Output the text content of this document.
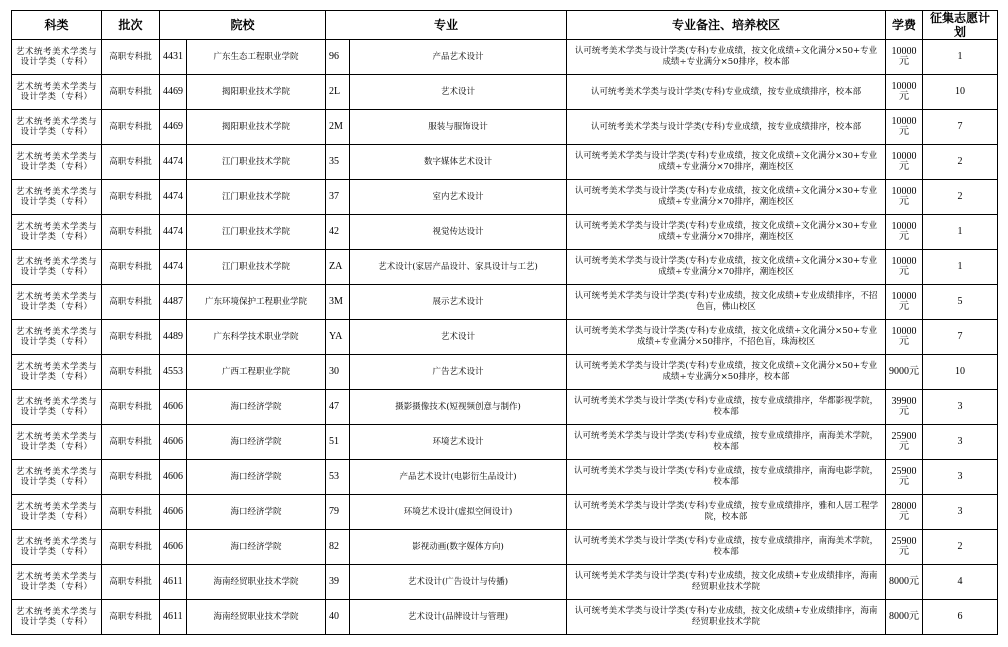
科类	批次	院校		专业		专业备注、培养校区	学费	征集志愿计划
艺术统考美术学类与设计学类（专科）	高职专科批	4431	广东生态工程职业学院	96	产品艺术设计	认可统考美术学类与设计学类(专科)专业成绩，按文化成绩÷文化满分×50+专业成绩÷专业满分×50排序，校本部	10000元	1
艺术统考美术学类与设计学类（专科）	高职专科批	4469	揭阳职业技术学院	2L	艺术设计	认可统考美术学类与设计学类(专科)专业成绩，按专业成绩排序，校本部	10000元	10
艺术统考美术学类与设计学类（专科）	高职专科批	4469	揭阳职业技术学院	2M	服装与服饰设计	认可统考美术学类与设计学类(专科)专业成绩，按专业成绩排序，校本部	10000元	7
艺术统考美术学类与设计学类（专科）	高职专科批	4474	江门职业技术学院	35	数字媒体艺术设计	认可统考美术学类与设计学类(专科)专业成绩，按文化成绩÷文化满分×30+专业成绩÷专业满分×70排序，潮连校区	10000元	2
艺术统考美术学类与设计学类（专科）	高职专科批	4474	江门职业技术学院	37	室内艺术设计	认可统考美术学类与设计学类(专科)专业成绩，按文化成绩÷文化满分×30+专业成绩÷专业满分×70排序，潮连校区	10000元	2
艺术统考美术学类与设计学类（专科）	高职专科批	4474	江门职业技术学院	42	视觉传达设计	认可统考美术学类与设计学类(专科)专业成绩，按文化成绩÷文化满分×30+专业成绩÷专业满分×70排序，潮连校区	10000元	1
艺术统考美术学类与设计学类（专科）	高职专科批	4474	江门职业技术学院	ZA	艺术设计(家居产品设计、家具设计与工艺)	认可统考美术学类与设计学类(专科)专业成绩，按文化成绩÷文化满分×30+专业成绩÷专业满分×70排序，潮连校区	10000元	1
艺术统考美术学类与设计学类（专科）	高职专科批	4487	广东环境保护工程职业学院	3M	展示艺术设计	认可统考美术学类与设计学类(专科)专业成绩，按文化成绩+专业成绩排序，不招色盲，佛山校区	10000元	5
艺术统考美术学类与设计学类（专科）	高职专科批	4489	广东科学技术职业学院	YA	艺术设计	认可统考美术学类与设计学类(专科)专业成绩，按文化成绩÷文化满分×50+专业成绩÷专业满分×50排序，不招色盲，珠海校区	10000元	7
艺术统考美术学类与设计学类（专科）	高职专科批	4553	广西工程职业学院	30	广告艺术设计	认可统考美术学类与设计学类(专科)专业成绩，按文化成绩÷文化满分×50+专业成绩÷专业满分×50排序，校本部	9000元	10
艺术统考美术学类与设计学类（专科）	高职专科批	4606	海口经济学院	47	摄影摄像技术(短视频创意与制作)	认可统考美术学类与设计学类(专科)专业成绩，按专业成绩排序，华都影视学院，校本部	39900元	3
艺术统考美术学类与设计学类（专科）	高职专科批	4606	海口经济学院	51	环境艺术设计	认可统考美术学类与设计学类(专科)专业成绩，按专业成绩排序，南海美术学院，校本部	25900元	3
艺术统考美术学类与设计学类（专科）	高职专科批	4606	海口经济学院	53	产品艺术设计(电影衍生品设计)	认可统考美术学类与设计学类(专科)专业成绩，按专业成绩排序，南海电影学院，校本部	25900元	3
艺术统考美术学类与设计学类（专科）	高职专科批	4606	海口经济学院	79	环境艺术设计(虚拟空间设计)	认可统考美术学类与设计学类(专科)专业成绩，按专业成绩排序，雅和人居工程学院，校本部	28000元	3
艺术统考美术学类与设计学类（专科）	高职专科批	4606	海口经济学院	82	影视动画(数字媒体方向)	认可统考美术学类与设计学类(专科)专业成绩，按专业成绩排序，南海美术学院，校本部	25900元	2
艺术统考美术学类与设计学类（专科）	高职专科批	4611	海南经贸职业技术学院	39	艺术设计(广告设计与传播)	认可统考美术学类与设计学类(专科)专业成绩，按文化成绩+专业成绩排序，海南经贸职业技术学院	8000元	4
艺术统考美术学类与设计学类（专科）	高职专科批	4611	海南经贸职业技术学院	40	艺术设计(品牌设计与管理)	认可统考美术学类与设计学类(专科)专业成绩，按文化成绩+专业成绩排序，海南经贸职业技术学院	8000元	6
